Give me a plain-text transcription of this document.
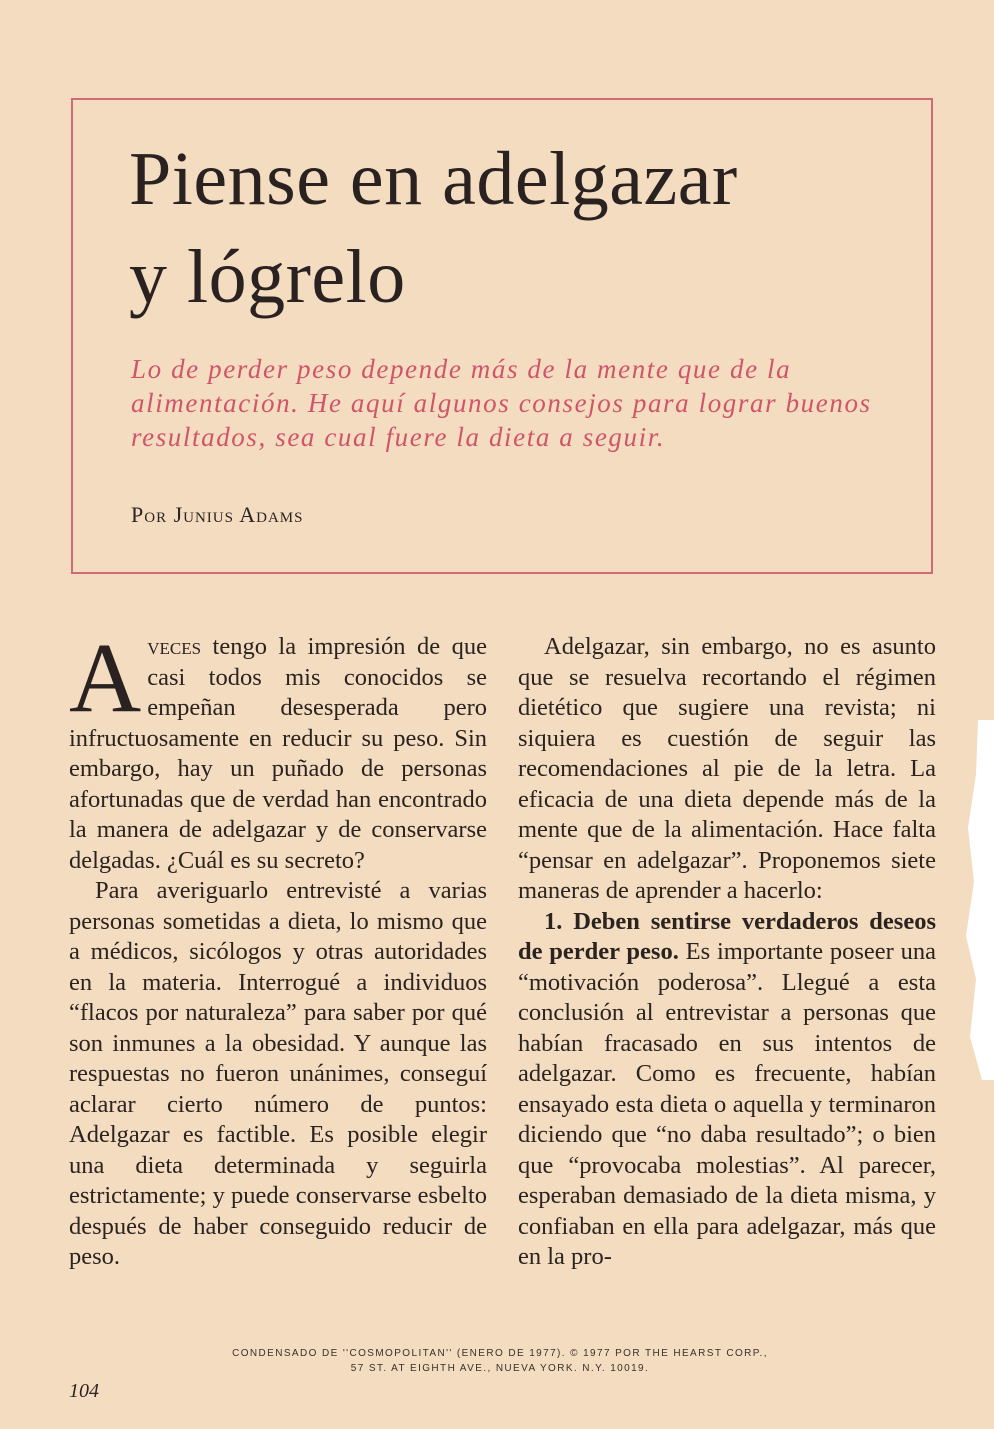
Piense en adelgazar
y lógrelo

Lo de perder peso depende más de la mente que de la alimentación. He aquí algunos consejos para lograr buenos resultados, sea cual fuere la dieta a seguir.

Por Junius Adams

Aveces tengo la impresión de que casi todos mis conocidos se empeñan desesperada pero infructuosamente en reducir su peso. Sin embargo, hay un puñado de personas afortunadas que de verdad han encontrado la manera de adelgazar y de conservarse delgadas. ¿Cuál es su secreto?

Para averiguarlo entrevisté a varias personas sometidas a dieta, lo mismo que a médicos, sicólogos y otras autoridades en la materia. Interrogué a individuos “flacos por naturaleza” para saber por qué son inmunes a la obesidad. Y aunque las respuestas no fueron unánimes, conseguí aclarar cierto número de puntos: Adelgazar es factible. Es posible elegir una dieta determinada y seguirla estrictamente; y puede conservarse esbelto después de haber conseguido reducir de peso.

Adelgazar, sin embargo, no es asunto que se resuelva recortando el régimen dietético que sugiere una revista; ni siquiera es cuestión de seguir las recomendaciones al pie de la letra. La eficacia de una dieta depende más de la mente que de la alimentación. Hace falta “pensar en adelgazar”. Proponemos siete maneras de aprender a hacerlo:

1. Deben sentirse verdaderos deseos de perder peso. Es importante poseer una “motivación poderosa”. Llegué a esta conclusión al entrevistar a personas que habían fracasado en sus intentos de adelgazar. Como es frecuente, habían ensayado esta dieta o aquella y terminaron diciendo que “no daba resultado”; o bien que “provocaba molestias”. Al parecer, esperaban demasiado de la dieta misma, y confiaban en ella para adelgazar, más que en la pro-

CONDENSADO DE ''COSMOPOLITAN'' (ENERO DE 1977). © 1977 POR THE HEARST CORP.,
57 ST. AT EIGHTH AVE., NUEVA YORK. N.Y. 10019.
104
